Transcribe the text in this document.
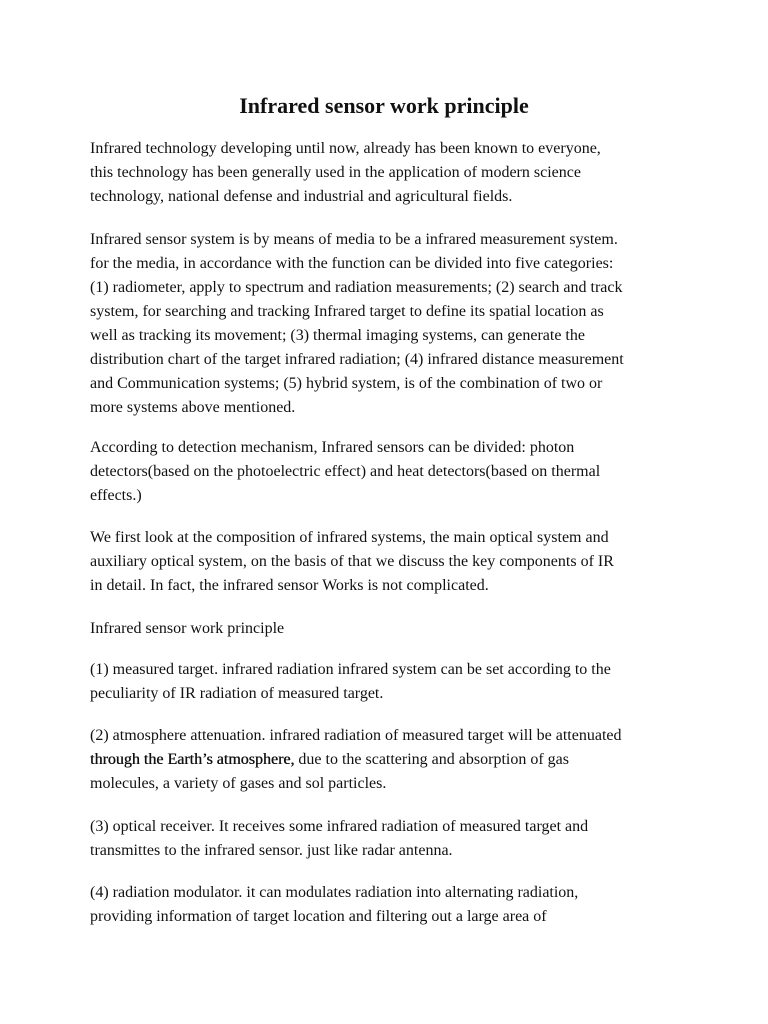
Infrared sensor work principle

Infrared technology developing until now, already has been known to everyone,
this technology has been generally used in the application of modern science
technology, national defense and industrial and agricultural fields.

Infrared sensor system is by means of media to be a infrared measurement system.
for the media, in accordance with the function can be divided into five categories:
(1) radiometer, apply to spectrum and radiation measurements; (2) search and track
system, for searching and tracking Infrared target to define its spatial location as
well as tracking its movement; (3) thermal imaging systems, can generate the
distribution chart of the target infrared radiation; (4) infrared distance measurement
and Communication systems; (5) hybrid system, is of the combination of two or
more systems above mentioned.

According to detection mechanism, Infrared sensors can be divided: photon
detectors(based on the photoelectric effect) and heat detectors(based on thermal
effects.)

We first look at the composition of infrared systems, the main optical system and
auxiliary optical system, on the basis of that we discuss the key components of IR
in detail. In fact, the infrared sensor Works is not complicated.

Infrared sensor work principle

(1) measured target. infrared radiation infrared system can be set according to the
peculiarity of IR radiation of measured target.

(2) atmosphere attenuation. infrared radiation of measured target will be attenuated
through the Earth’s atmosphere, due to the scattering and absorption of gas
molecules, a variety of gases and sol particles.

(3) optical receiver. It receives some infrared radiation of measured target and
transmittes to the infrared sensor. just like radar antenna.

(4) radiation modulator. it can modulates radiation into alternating radiation,
providing information of target location and filtering out a large area of
